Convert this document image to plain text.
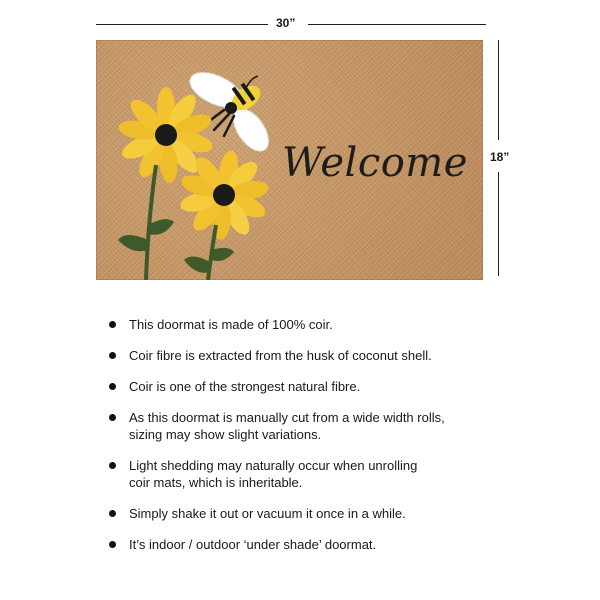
30”
Welcome 18”
This doormat is made of 100% coir.
Coir fibre is extracted from the husk of coconut shell.
Coir is one of the strongest natural fibre.
As this doormat is manually cut from a wide width rolls,
sizing may show slight variations.
Light shedding may naturally occur when unrolling
coir mats, which is inheritable.
Simply shake it out or vacuum it once in a while.
It’s indoor / outdoor ‘under shade’ doormat.
